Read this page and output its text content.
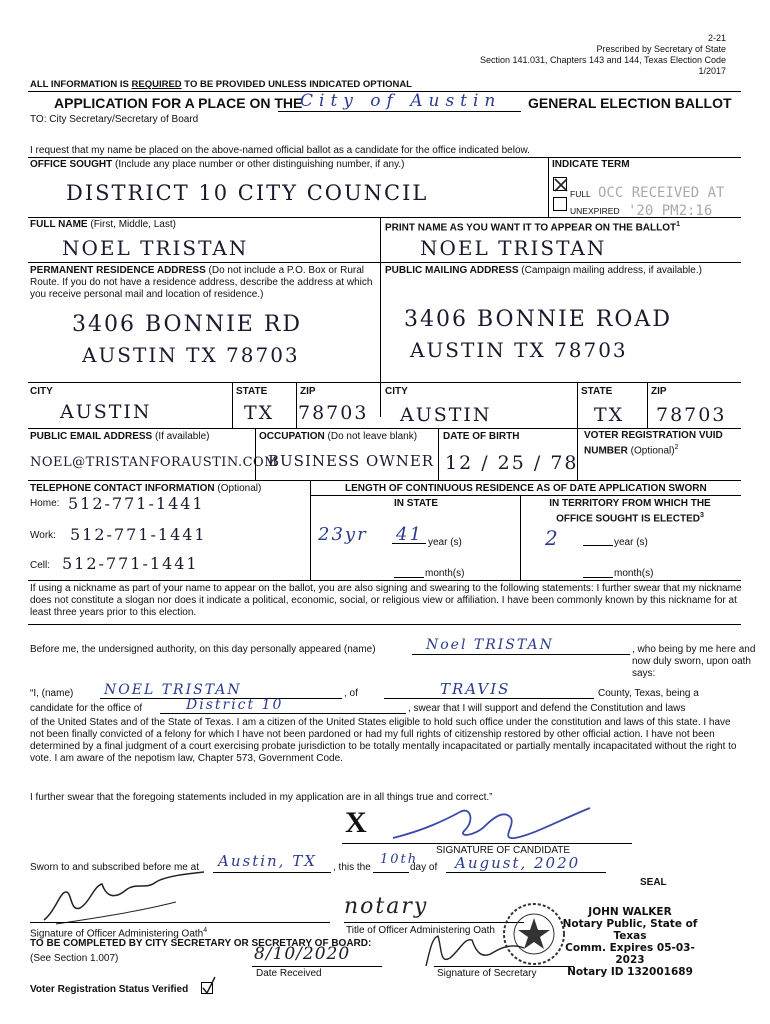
2-21
Prescribed by Secretary of State
Section 141.031, Chapters 143 and 144, Texas Election Code
1/2017
ALL INFORMATION IS REQUIRED TO BE PROVIDED UNLESS INDICATED OPTIONAL
APPLICATION FOR A PLACE ON THE
City of Austin GENERAL ELECTION BALLOT
TO: City Secretary/Secretary of Board
I request that my name be placed on the above-named official ballot as a candidate for the office indicated below.
OFFICE SOUGHT (Include any place number or other distinguishing number, if any.)
DISTRICT 10 CITY COUNCIL
INDICATE TERM
FULL
UNEXPIRED
OCC RECEIVED AT
'20 PM2:16
FULL NAME (First, Middle, Last)
NOEL TRISTAN
PRINT NAME AS YOU WANT IT TO APPEAR ON THE BALLOT$^1$
NOEL TRISTAN
PERMANENT RESIDENCE ADDRESS (Do not include a P.O. Box or Rural Route. If you do not have a residence address, describe the address at which you receive personal mail and location of residence.)
3406 BONNIE RD
AUSTIN TX 78703
PUBLIC MAILING ADDRESS (Campaign mailing address, if available.)
3406 BONNIE ROAD
AUSTIN TX 78703
CITY	STATE	ZIP	CITY	STATE	ZIP
AUSTIN	TX 78703 AUSTIN	TX 78703
PUBLIC EMAIL ADDRESS (If available)
NOEL@TRISTANFORAUSTIN.COM
OCCUPATION (Do not leave blank)
BUSINESS OWNER
DATE OF BIRTH
12 / 25 / 78
VOTER REGISTRATION VUID NUMBER (Optional)$^2$
TELEPHONE CONTACT INFORMATION (Optional)
Home: 512-771-1441
Work: 512-771-1441
Cell: 512-771-1441
LENGTH OF CONTINUOUS RESIDENCE AS OF DATE APPLICATION SWORN
IN STATE	IN TERRITORY FROM WHICH THE OFFICE SOUGHT IS ELECTED$^3$
23yr 41 year (s)	2	year (s)
month(s)	month(s)
If using a nickname as part of your name to appear on the ballot, you are also signing and swearing to the following statements: I further swear that my nickname does not constitute a slogan nor does it indicate a political, economic, social, or religious view or affiliation. I have been commonly known by this nickname for at least three years prior to this election.
Before me, the undersigned authority, on this day personally appeared (name)	Noel TRISTAN	, who being by me here and now duly sworn, upon oath says:
“I, (name) NOEL TRISTAN	, of	TRAVIS	County, Texas, being a
candidate for the office of	District 10	, swear that I will support and defend the Constitution and laws
of the United States and of the State of Texas. I am a citizen of the United States eligible to hold such office under the constitution and laws of this state. I have not been finally convicted of a felony for which I have not been pardoned or had my full rights of citizenship restored by other official action. I have not been determined by a final judgment of a court exercising probate jurisdiction to be totally mentally incapacitated or partially mentally incapacitated without the right to vote. I am aware of the nepotism law, Chapter 573, Government Code.
I further swear that the foregoing statements included in my application are in all things true and correct.”
X
SIGNATURE OF CANDIDATE
Sworn to and subscribed before me at Austin, TX , this the
10th
day of August, 2020
SEAL
Signature of Officer Administering Oath$^4$
notary
Title of Officer Administering Oath
JOHN WALKER
Notary Public, State of Texas
Comm. Expires 05-03-2023
Notary ID 132001689
TO BE COMPLETED BY CITY SECRETARY OR SECRETARY OF BOARD:
(See Section 1.007)	8/10/2020
Date Received	Signature of Secretary
Voter Registration Status Verified
